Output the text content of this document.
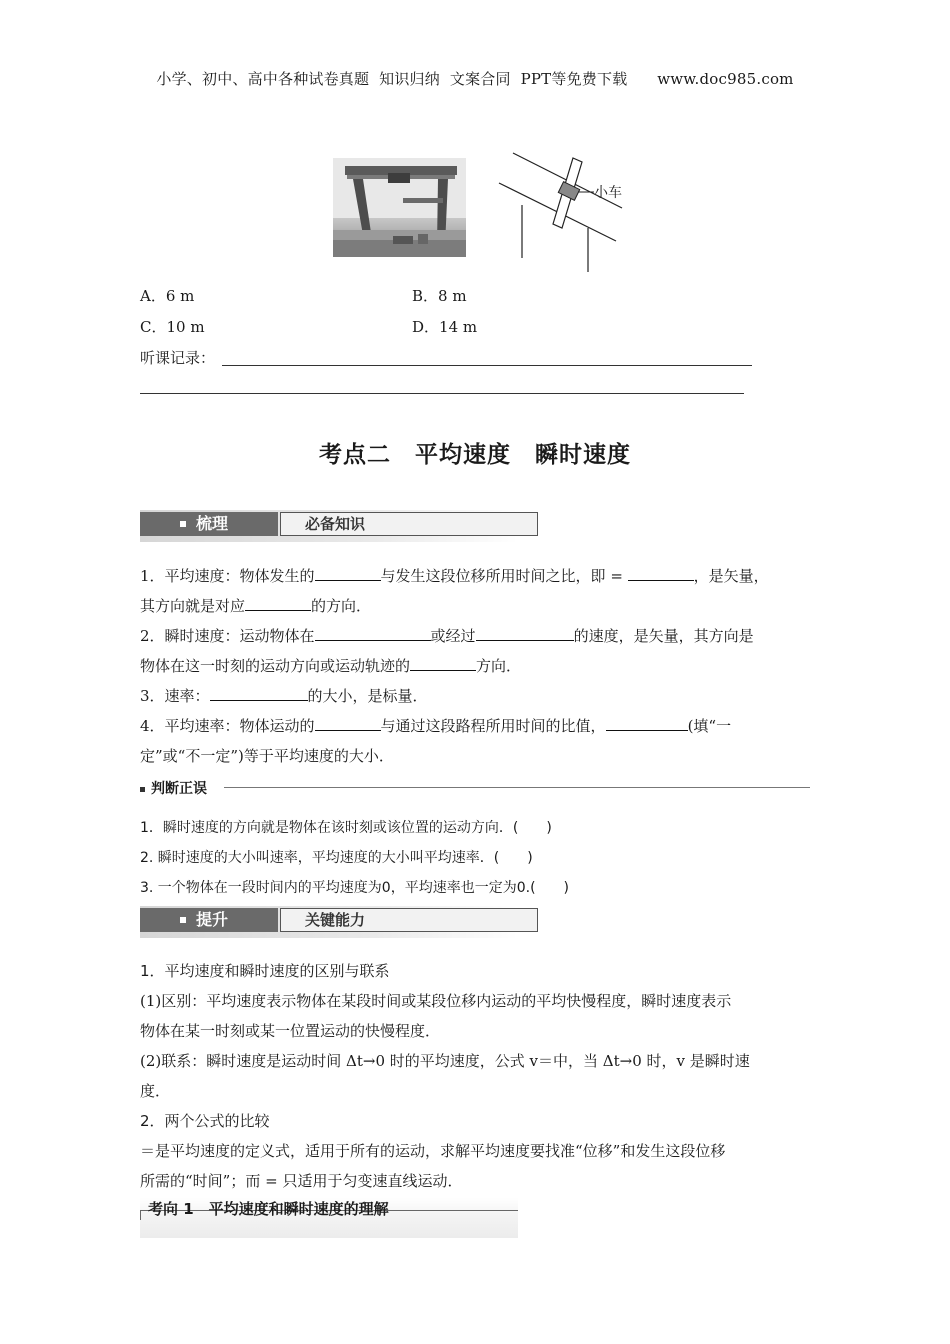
小学、初中、高中各种试卷真题  知识归纳  文案合同  PPT等免费下载      www.doc985.com
小车
A．6 m	B．8 m
C．10 m	D．14 m
听课记录：
考点二　平均速度　瞬时速度
梳理	必备知识
1．平均速度：物体发生的	与发生这段位移所用时间之比，即 =	，是矢量，
其方向就是对应	的方向．
2．瞬时速度：运动物体在	或经过	的速度，是矢量，其方向是
物体在这一时刻的运动方向或运动轨迹的	方向．
3．速率：	的大小，是标量．
4．平均速率：物体运动的	与通过这段路程所用时间的比值，	(填“一
定”或“不一定”)等于平均速度的大小．
判断正误
1．瞬时速度的方向就是物体在该时刻或该位置的运动方向．(　　)
2. 瞬时速度的大小叫速率，平均速度的大小叫平均速率．(　　)
3. 一个物体在一段时间内的平均速度为0，平均速率也一定为0.(　　)
提升	关键能力
1．平均速度和瞬时速度的区别与联系
(1)区别：平均速度表示物体在某段时间或某段位移内运动的平均快慢程度，瞬时速度表示
物体在某一时刻或某一位置运动的快慢程度．
(2)联系：瞬时速度是运动时间 Δt→0 时的平均速度，公式 v＝中，当 Δt→0 时，v 是瞬时速
度．
2．两个公式的比较
＝是平均速度的定义式，适用于所有的运动，求解平均速度要找准“位移”和发生这段位移
所需的“时间”；而 = 只适用于匀变速直线运动．
考向 1　平均速度和瞬时速度的理解
